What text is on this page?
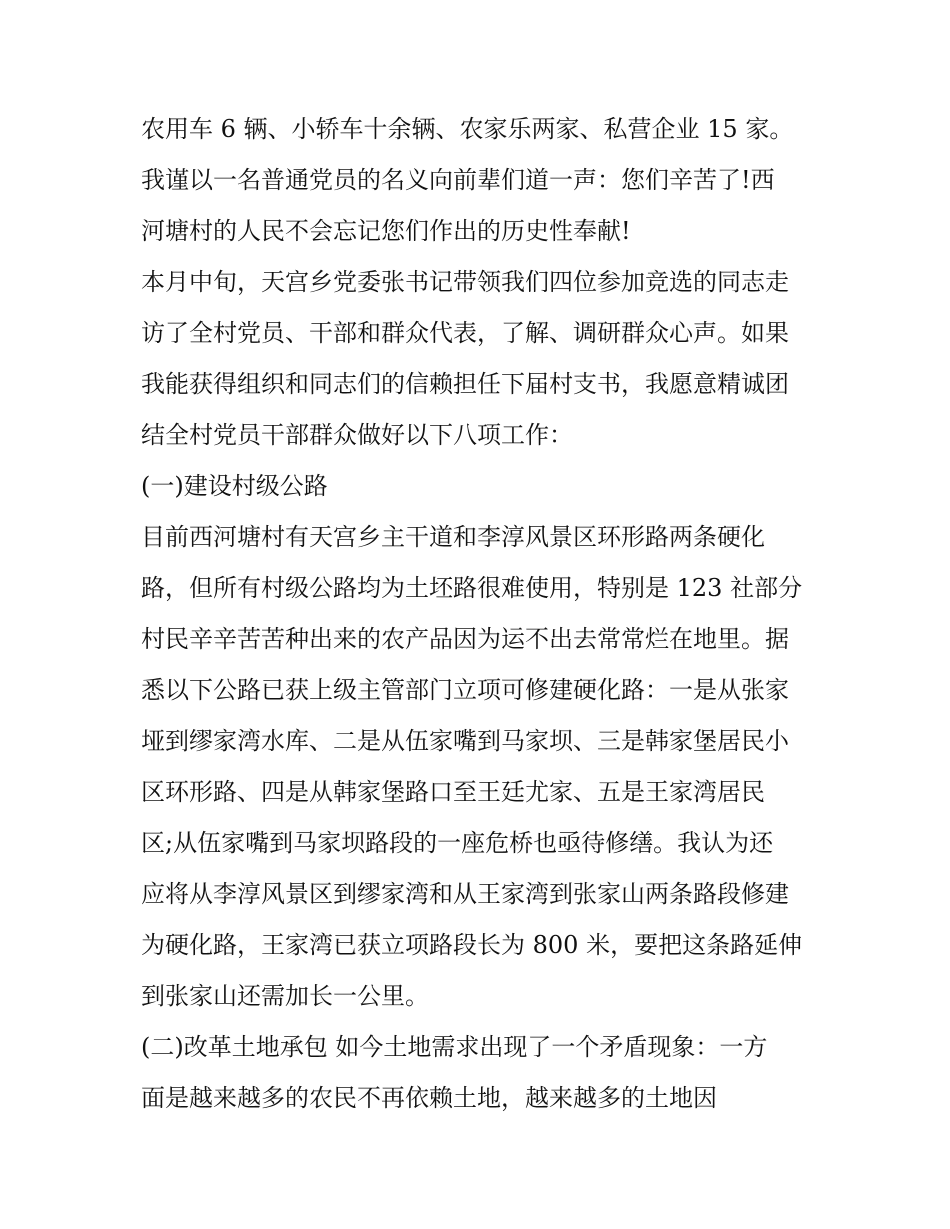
农用车 6 辆、小轿车十余辆、农家乐两家、私营企业 15 家。
我谨以一名普通党员的名义向前辈们道一声：您们辛苦了!西
河塘村的人民不会忘记您们作出的历史性奉献!
本月中旬，天宫乡党委张书记带领我们四位参加竞选的同志走
访了全村党员、干部和群众代表，了解、调研群众心声。如果
我能获得组织和同志们的信赖担任下届村支书，我愿意精诚团
结全村党员干部群众做好以下八项工作：
(一)建设村级公路
目前西河塘村有天宫乡主干道和李淳风景区环形路两条硬化
路，但所有村级公路均为土坯路很难使用，特别是 123 社部分
村民辛辛苦苦种出来的农产品因为运不出去常常烂在地里。据
悉以下公路已获上级主管部门立项可修建硬化路：一是从张家
垭到缪家湾水库、二是从伍家嘴到马家坝、三是韩家堡居民小
区环形路、四是从韩家堡路口至王廷尤家、五是王家湾居民
区;从伍家嘴到马家坝路段的一座危桥也亟待修缮。我认为还
应将从李淳风景区到缪家湾和从王家湾到张家山两条路段修建
为硬化路，王家湾已获立项路段长为 800 米，要把这条路延伸
到张家山还需加长一公里。
(二)改革土地承包 如今土地需求出现了一个矛盾现象：一方
面是越来越多的农民不再依赖土地，越来越多的土地因
